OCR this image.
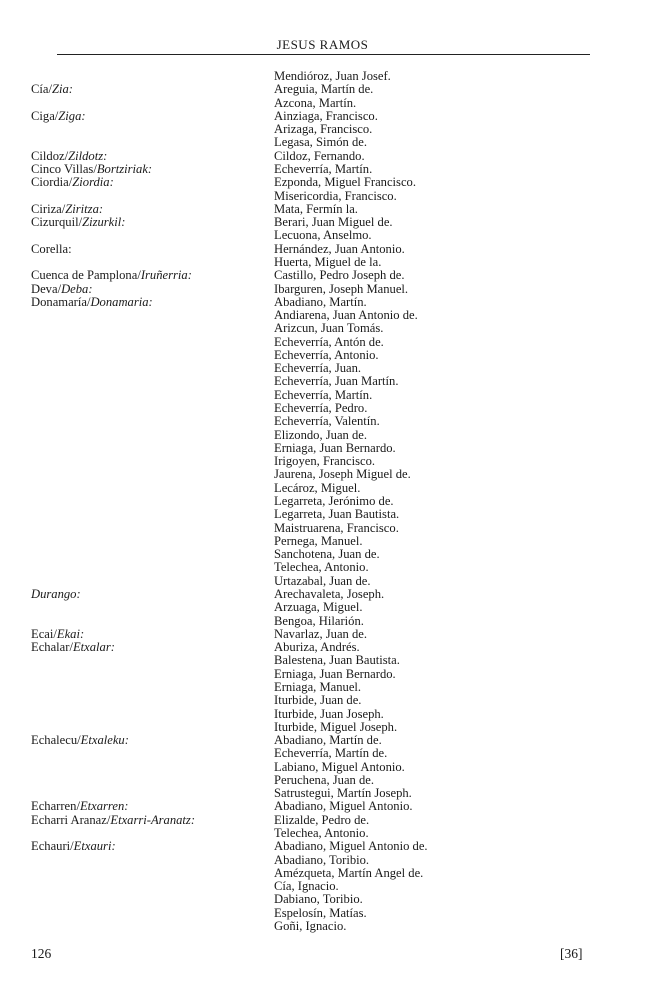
JESUS RAMOS
Mendióroz, Juan Josef.
Cía/Zia:	Areguia, Martín de.
Azcona, Martín.
Ciga/Ziga:	Ainziaga, Francisco.
Arizaga, Francisco.
Legasa, Simón de.
Cildoz/Zildotz:	Cildoz, Fernando.
Cinco Villas/Bortziriak:	Echeverría, Martín.
Ciordia/Ziordia:	Ezponda, Miguel Francisco.
Misericordia, Francisco.
Ciriza/Ziritza:	Mata, Fermín la.
Cizurquil/Zizurkil:	Berari, Juan Miguel de.
Lecuona, Anselmo.
Corella:	Hernández, Juan Antonio.
Huerta, Miguel de la.
Cuenca de Pamplona/Iruñerria:	Castillo, Pedro Joseph de.
Deva/Deba:	Ibarguren, Joseph Manuel.
Donamaría/Donamaria:	Abadiano, Martín.
Andiarena, Juan Antonio de.
Arizcun, Juan Tomás.
Echeverría, Antón de.
Echeverría, Antonio.
Echeverría, Juan.
Echeverría, Juan Martín.
Echeverría, Martín.
Echeverría, Pedro.
Echeverría, Valentín.
Elizondo, Juan de.
Erniaga, Juan Bernardo.
Irigoyen, Francisco.
Jaurena, Joseph Miguel de.
Lecároz, Miguel.
Legarreta, Jerónimo de.
Legarreta, Juan Bautista.
Maistruarena, Francisco.
Pernega, Manuel.
Sanchotena, Juan de.
Telechea, Antonio.
Urtazabal, Juan de.
Durango:	Arechavaleta, Joseph.
Arzuaga, Miguel.
Bengoa, Hilarión.
Ecai/Ekai:	Navarlaz, Juan de.
Echalar/Etxalar:	Aburiza, Andrés.
Balestena, Juan Bautista.
Erniaga, Juan Bernardo.
Erniaga, Manuel.
Iturbide, Juan de.
Iturbide, Juan Joseph.
Iturbide, Miguel Joseph.
Echalecu/Etxaleku:	Abadiano, Martín de.
Echeverría, Martín de.
Labiano, Miguel Antonio.
Peruchena, Juan de.
Satrustegui, Martín Joseph.
Echarren/Etxarren:	Abadiano, Miguel Antonio.
Echarri Aranaz/Etxarri-Aranatz:	Elizalde, Pedro de.
Telechea, Antonio.
Echauri/Etxauri:	Abadiano, Miguel Antonio de.
Abadiano, Toribio.
Amézqueta, Martín Angel de.
Cía, Ignacio.
Dabiano, Toribio.
Espelosín, Matías.
Goñi, Ignacio.
126	[36]
